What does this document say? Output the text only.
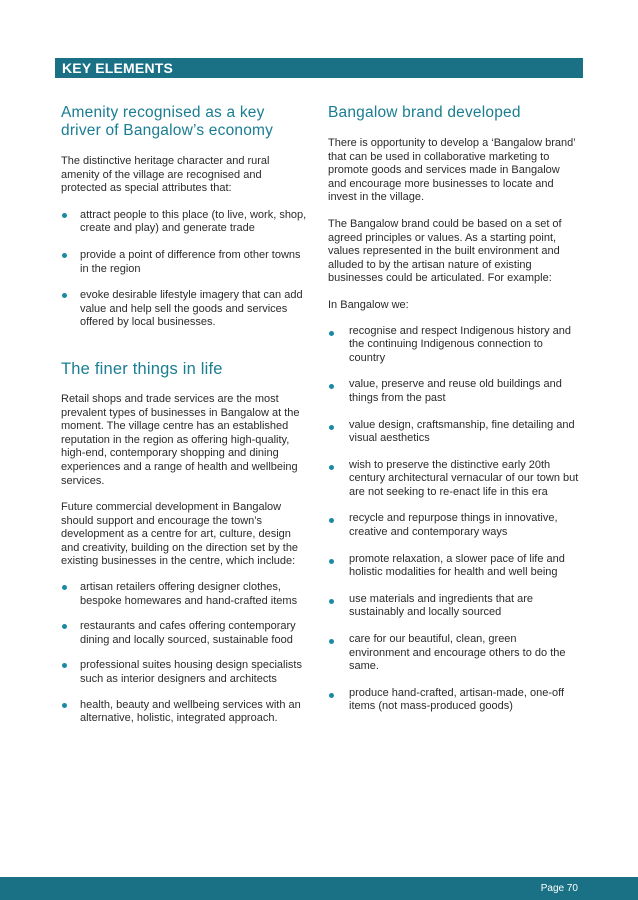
KEY ELEMENTS
Amenity recognised as a key
driver of Bangalow’s economy

The distinctive heritage character and rural amenity of the village are recognised and protected as special attributes that:

attract people to this place (to live, work, shop, create and play) and generate trade
provide a point of difference from other towns in the region
evoke desirable lifestyle imagery that can add value and help sell the goods and services offered by local businesses.
The finer things in life

Retail shops and trade services are the most prevalent types of businesses in Bangalow at the moment. The village centre has an established reputation in the region as offering high-quality, high-end, contemporary shopping and dining experiences and a range of health and wellbeing services.

Future commercial development in Bangalow should support and encourage the town’s development as a centre for art, culture, design and creativity, building on the direction set by the existing businesses in the centre, which include:

artisan retailers offering designer clothes, bespoke homewares and hand-crafted items
restaurants and cafes offering contemporary dining and locally sourced, sustainable food
professional suites housing design specialists such as interior designers and architects
health, beauty and wellbeing services with an alternative, holistic, integrated approach.
Bangalow brand developed

There is opportunity to develop a ‘Bangalow brand’ that can be used in collaborative marketing to promote goods and services made in Bangalow and encourage more businesses to locate and invest in the village.

The Bangalow brand could be based on a set of agreed principles or values. As a starting point, values represented in the built environment and alluded to by the artisan nature of existing businesses could be articulated. For example:

In Bangalow we:

recognise and respect Indigenous history and the continuing Indigenous connection to country
value, preserve and reuse old buildings and things from the past
value design, craftsmanship, fine detailing and visual aesthetics
wish to preserve the distinctive early 20th century architectural vernacular of our town but are not seeking to re-enact life in this era
recycle and repurpose things in innovative, creative and contemporary ways
promote relaxation, a slower pace of life and holistic modalities for health and well being
use materials and ingredients that are sustainably and locally sourced
care for our beautiful, clean, green environment and encourage others to do the same.
produce hand-crafted, artisan-made, one-off items (not mass-produced goods)
Page 70
